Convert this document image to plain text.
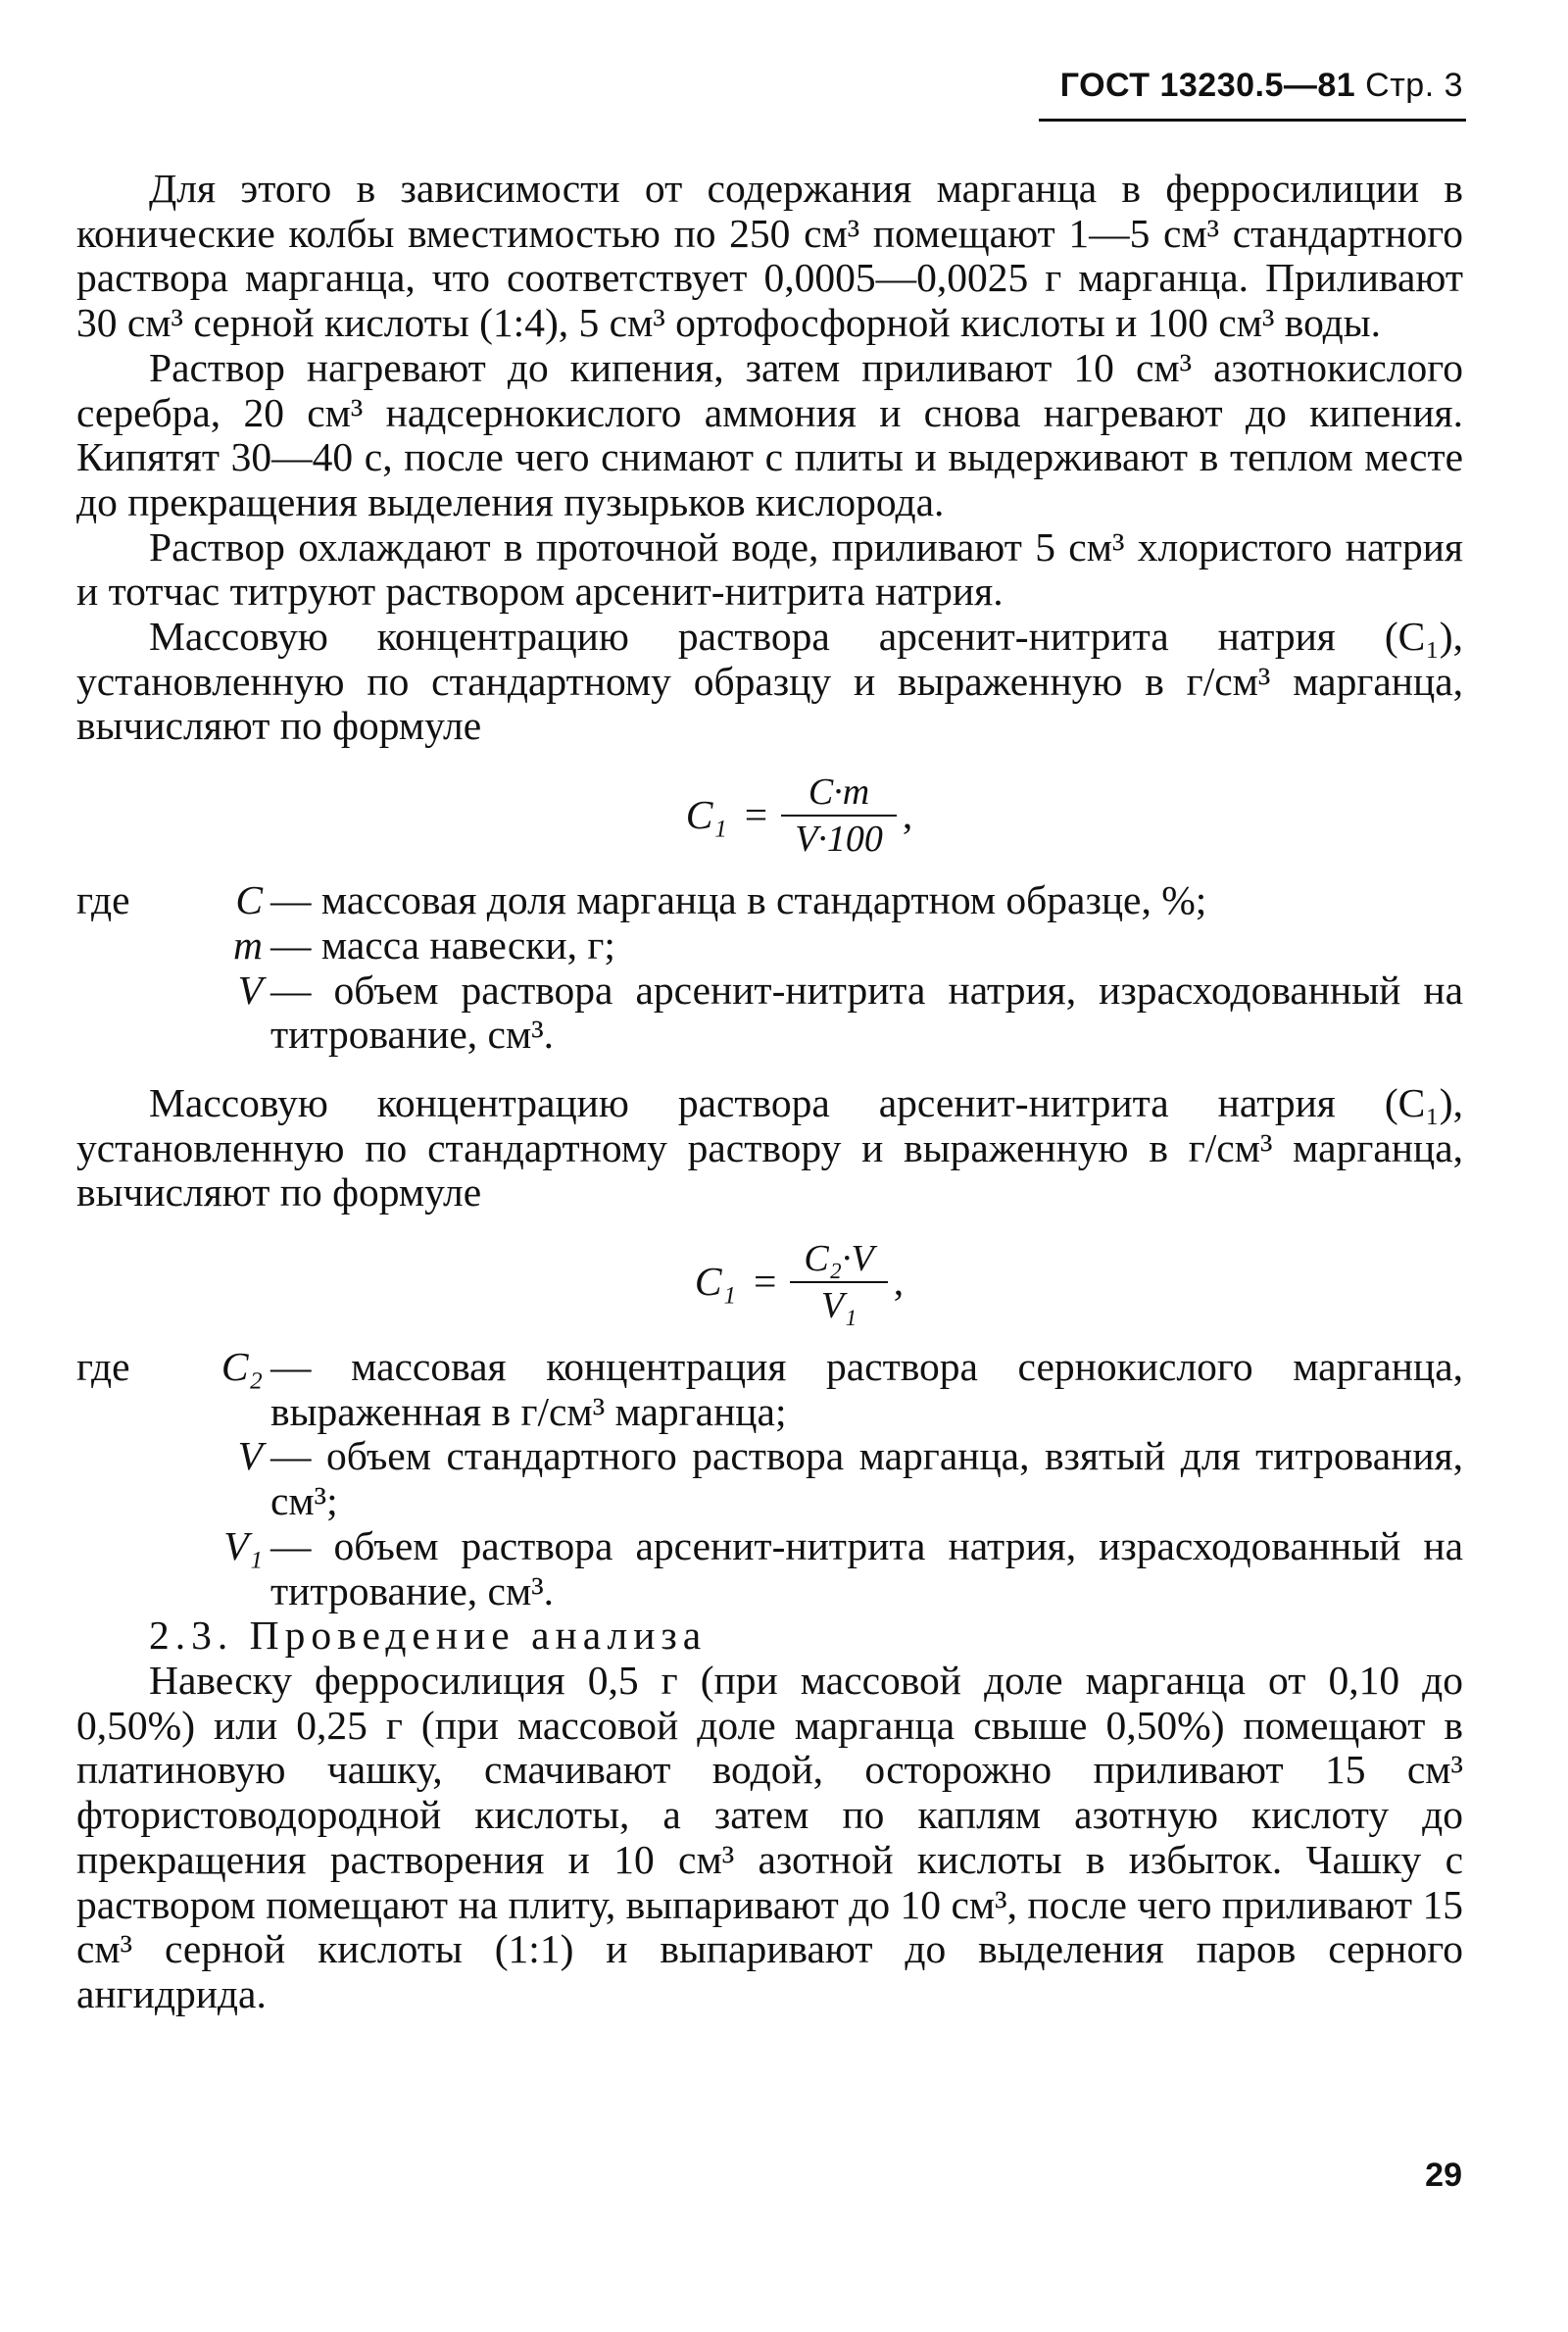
ГОСТ 13230.5—81 Стр. 3

Для этого в зависимости от содержания марганца в ферросилиции в конические колбы вместимостью по 250 см³ помещают 1—5 см³ стандартного раствора марганца, что соответствует 0,0005—0,0025 г марганца. Приливают 30 см³ серной кислоты (1:4), 5 см³ ортофосфорной кислоты и 100 см³ воды.

Раствор нагревают до кипения, затем приливают 10 см³ азотнокислого серебра, 20 см³ надсернокислого аммония и снова нагревают до кипения. Кипятят 30—40 с, после чего снимают с плиты и выдерживают в теплом месте до прекращения выделения пузырьков кислорода.

Раствор охлаждают в проточной воде, приливают 5 см³ хлористого натрия и тотчас титруют раствором арсенит-нитрита натрия.

Массовую концентрацию раствора арсенит-нитрита натрия (C₁), установленную по стандартному образцу и выраженную в г/см³ марганца, вычисляют по формуле

$C_1 = \frac{C\cdot m}{V\cdot 100}$ ,
где	C — массовая доля марганца в стандартном образце, %;
m — масса навески, г;
V — объем раствора арсенит-нитрита натрия, израсходованный на титрование, см³.

Массовую концентрацию раствора арсенит-нитрита натрия (C₁), установленную по стандартному раствору и выраженную в г/см³ марганца, вычисляют по формуле

$C_1 = \frac{\text{C₂·V}}{\text{V₁}}$ ,
где	C₂ — массовая концентрация раствора сернокислого марганца, выраженная в г/см³ марганца;
V — объем стандартного раствора марганца, взятый для титрования, см³;
V₁ — объем раствора арсенит-нитрита натрия, израсходованный на титрование, см³.

2.3. Проведение анализа

Навеску ферросилиция 0,5 г (при массовой доле марганца от 0,10 до 0,50%) или 0,25 г (при массовой доле марганца свыше 0,50%) помещают в платиновую чашку, смачивают водой, осторожно приливают 15 см³ фтористоводородной кислоты, а затем по каплям азотную кислоту до прекращения растворения и 10 см³ азотной кислоты в избыток. Чашку с раствором помещают на плиту, выпаривают до 10 см³, после чего приливают 15 см³ серной кислоты (1:1) и выпаривают до выделения паров серного ангидрида.

29
